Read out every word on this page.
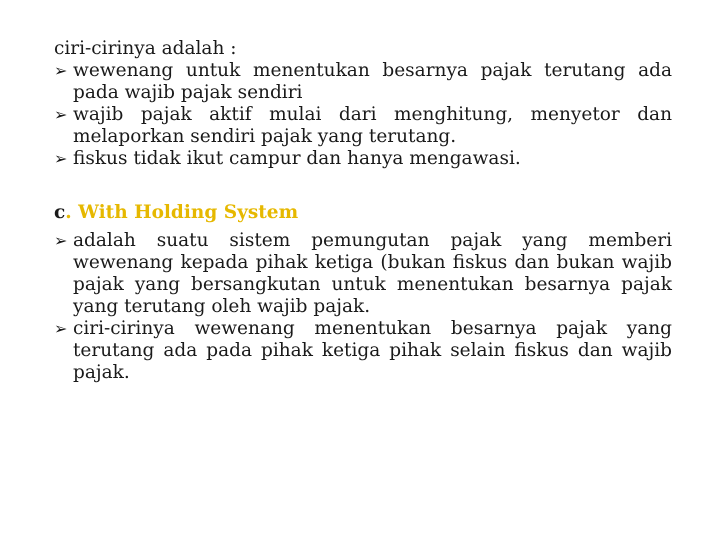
ciri-cirinya adalah :

➢ wewenang untuk menentukan besarnya pajak terutang ada pada wajib pajak sendiri
➢ wajib pajak aktif mulai dari menghitung, menyetor dan melaporkan sendiri pajak yang terutang.
➢ fiskus tidak ikut campur dan hanya mengawasi.

c. With Holding System

➢ adalah suatu sistem pemungutan pajak yang memberi wewenang kepada pihak ketiga (bukan fiskus dan bukan wajib pajak yang bersangkutan untuk menentukan besarnya pajak yang terutang oleh wajib pajak.
➢ ciri-cirinya wewenang menentukan besarnya pajak yang terutang ada pada pihak ketiga pihak selain fiskus dan wajib pajak.
